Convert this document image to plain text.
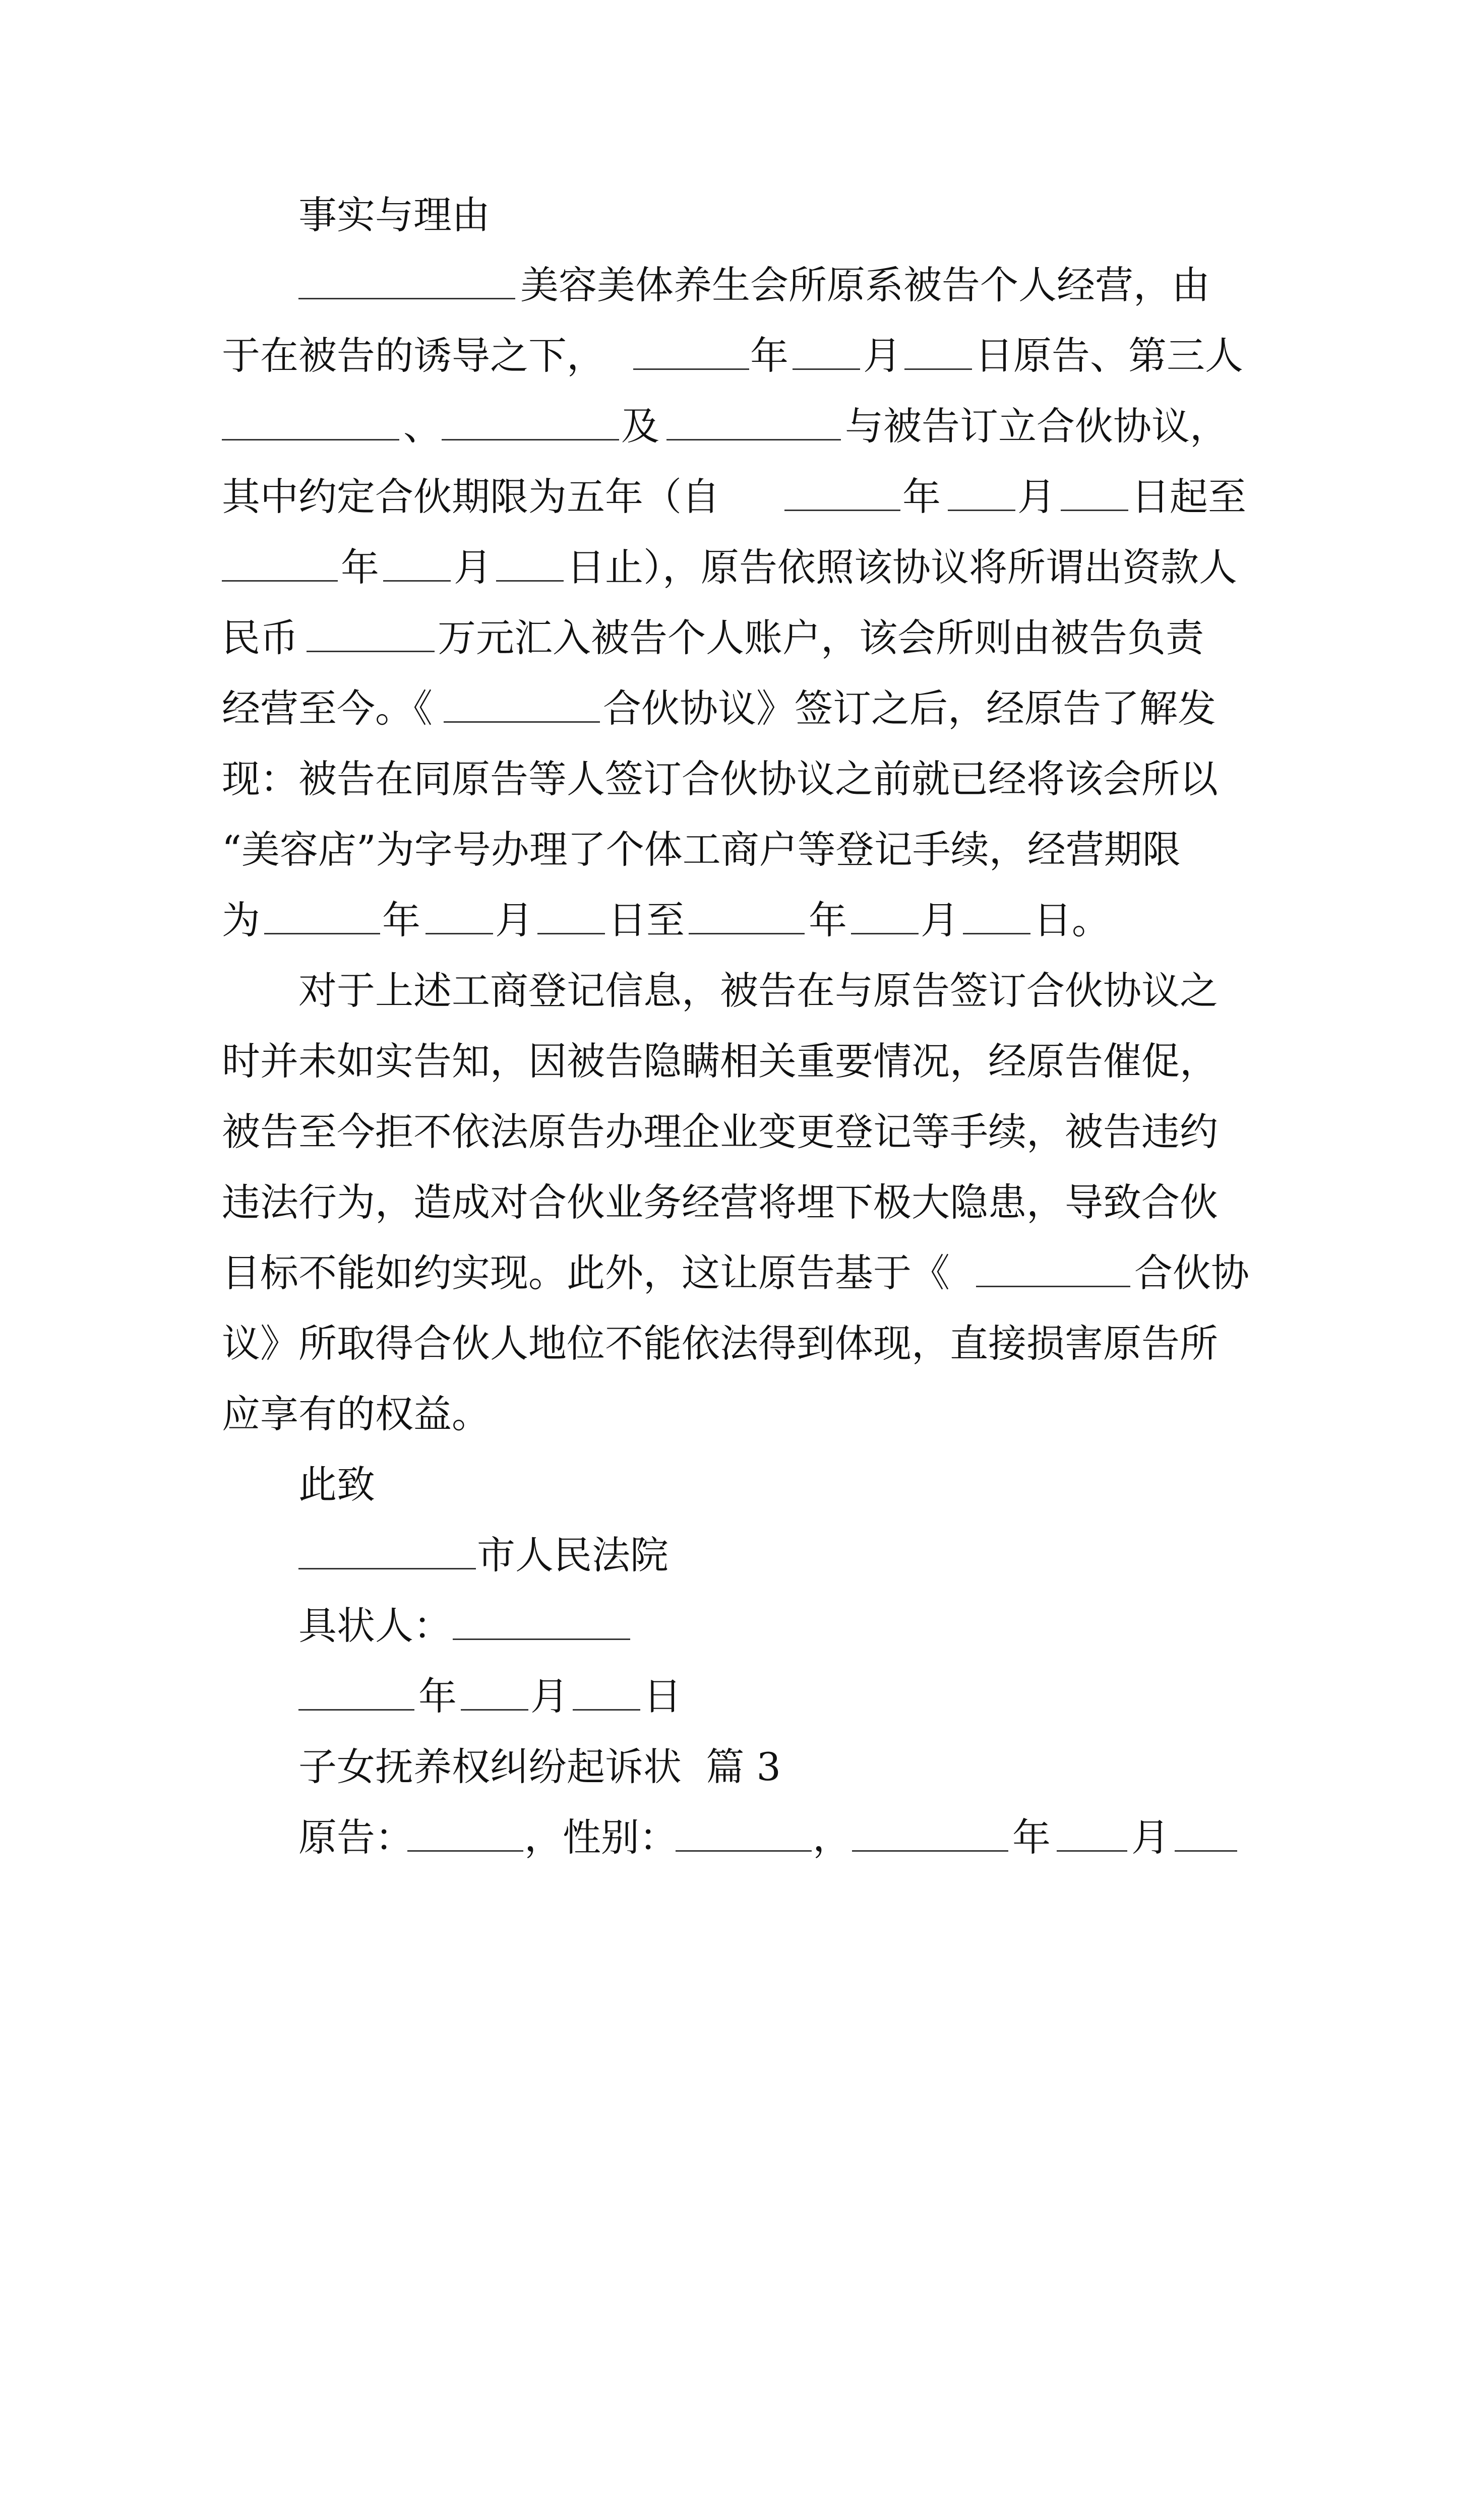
事实与理由

美容美体养生会所原系被告个人经营，由

于在被告的诱导之下，

	年

月

日原告、第三人

、

	及

	与被告订立合伙协议，

其中约定合伙期限为五年（自

	年

月

日起至

年

月

日止），原告依照该协议将所谓出资款人

民币

	万元汇入被告个人账户，该会所则由被告负责

经营至今。《

	合伙协议》签订之后，经原告了解发

现：被告在同原告等人签订合伙协议之前就已经将该会所以

“美容店”为字号办理了个体工商户等登记手续，经营期限

为

	年

月

日至

	年

月

日。

对于上述工商登记信息，被告在与原告签订合伙协议之

时并未如实告知，因被告隐瞒相关重要情况，经原告催促，

被告至今拒不依法原告办理企业变更登记等手续，被告违约

违法行为，造成对合伙业务经营将埋下极大隐患，导致合伙

目标不能如约实现。此外，这让原告基于《

	合伙协

议》所取得合伙人地位不能依法得到体现，直接损害原告所

应享有的权益。

此致

市人民法院

具状人：

年

月

日

子女抚养权纠纷起诉状  篇 3

原告：

	，性别：

	，

	年

月
